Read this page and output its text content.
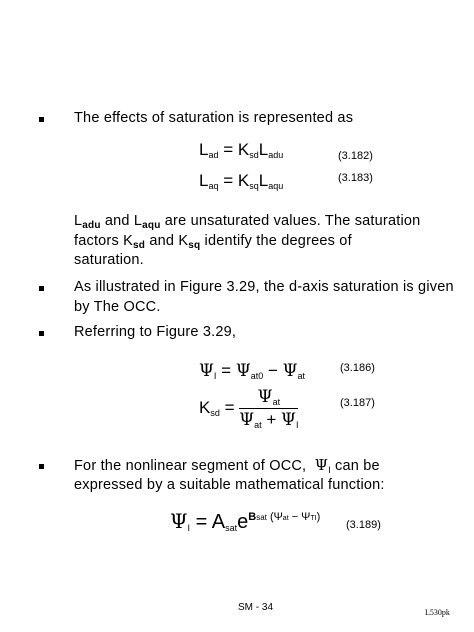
The effects of saturation is represented as
$L_{ad} = K_{sd}L_{adu}$	(3.182)
$L_{aq} = K_{sq}L_{aqu}$
(3.183)
$L_{adu}$ and $L_{aqu}$ are unsaturated values. The saturation
factors $K_{sd}$ and $K_{sq}$ identify the degrees of
saturation.
As illustrated in Figure 3.29, the d-axis saturation is given by The OCC.
Referring to Figure 3.29,
$\Psi_I = \Psi_{at0} - \Psi_{at}$
(3.186)
$K_{sd} = \frac{\Psi_{at}}{\Psi_{at} + \Psi_I}$	(3.187)
For the nonlinear segment of OCC, $\Psi_I$ can be
expressed by a suitable mathematical function:
$\Psi_I = A_{sat}e^{Bsat (\Psi at - \Psi TI)}$
(3.189)
SM - 34	L530pk
